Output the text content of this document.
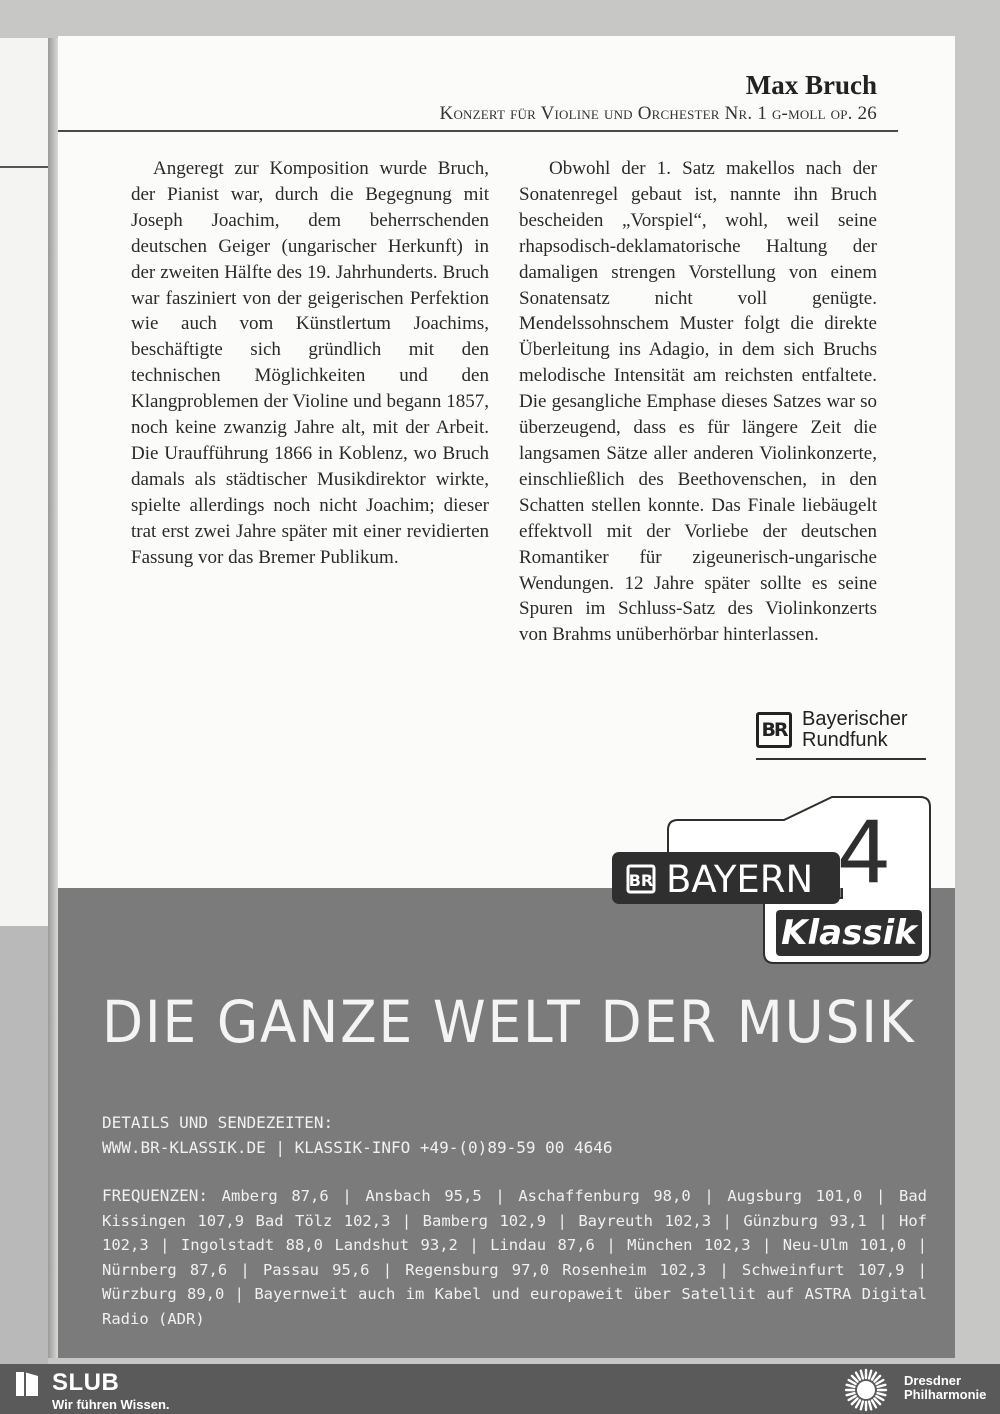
Max Bruch
Konzert für Violine und Orchester Nr. 1 g-moll op. 26

Angeregt zur Komposition wurde Bruch, der Pianist war, durch die Begegnung mit Joseph Joachim, dem beherrschenden deutschen Geiger (ungarischer Herkunft) in der zweiten Hälfte des 19. Jahrhunderts. Bruch war fasziniert von der geigerischen Perfektion wie auch vom Künstlertum Joachims, beschäftigte sich gründlich mit den technischen Möglichkeiten und den Klangproblemen der Violine und begann 1857, noch keine zwanzig Jahre alt, mit der Arbeit. Die Uraufführung 1866 in Koblenz, wo Bruch damals als städtischer Musikdirektor wirkte, spielte allerdings noch nicht Joachim; dieser trat erst zwei Jahre später mit einer revidierten Fassung vor das Bremer Publikum.

Obwohl der 1. Satz makellos nach der Sonatenregel gebaut ist, nannte ihn Bruch bescheiden „Vorspiel“, wohl, weil seine rhapsodisch-deklamatorische Haltung der damaligen strengen Vorstellung von einem Sonatensatz nicht voll genügte. Mendelssohnschem Muster folgt die direkte Überleitung ins Adagio, in dem sich Bruchs melodische Intensität am reichsten entfaltete. Die gesangliche Emphase dieses Satzes war so überzeugend, dass es für längere Zeit die langsamen Sätze aller anderen Violinkonzerte, einschließlich des Beethovenschen, in den Schatten stellen konnte. Das Finale liebäugelt effektvoll mit der Vorliebe der deutschen Romantiker für zigeunerisch-ungarische Wendungen. 12 Jahre später sollte es seine Spuren im Schluss-Satz des Violinkonzerts von Brahms unüberhörbar hinterlassen.

BR Bayerischer
Rundfunk
BR BAYERN 4
Klassik
DIE GANZE WELT DER MUSIK
DETAILS UND SENDEZEITEN:
WWW.BR-KLASSIK.DE | KLASSIK-INFO +49-(0)89-59 00 4646
FREQUENZEN: Amberg 87,6 | Ansbach 95,5 | Aschaffenburg 98,0 | Augsburg 101,0 | Bad Kissingen 107,9 Bad Tölz 102,3 | Bamberg 102,9 | Bayreuth 102,3 | Günzburg 93,1 | Hof 102,3 | Ingolstadt 88,0 Landshut 93,2 | Lindau 87,6 | München 102,3 | Neu-Ulm 101,0 | Nürnberg 87,6 | Passau 95,6 | Regensburg 97,0 Rosenheim 102,3 | Schweinfurt 107,9 | Würzburg 89,0 | Bayernweit auch im Kabel und europaweit über Satellit auf ASTRA Digital Radio (ADR)
SLUB
Wir führen Wissen.
Dresdner
Philharmonie
